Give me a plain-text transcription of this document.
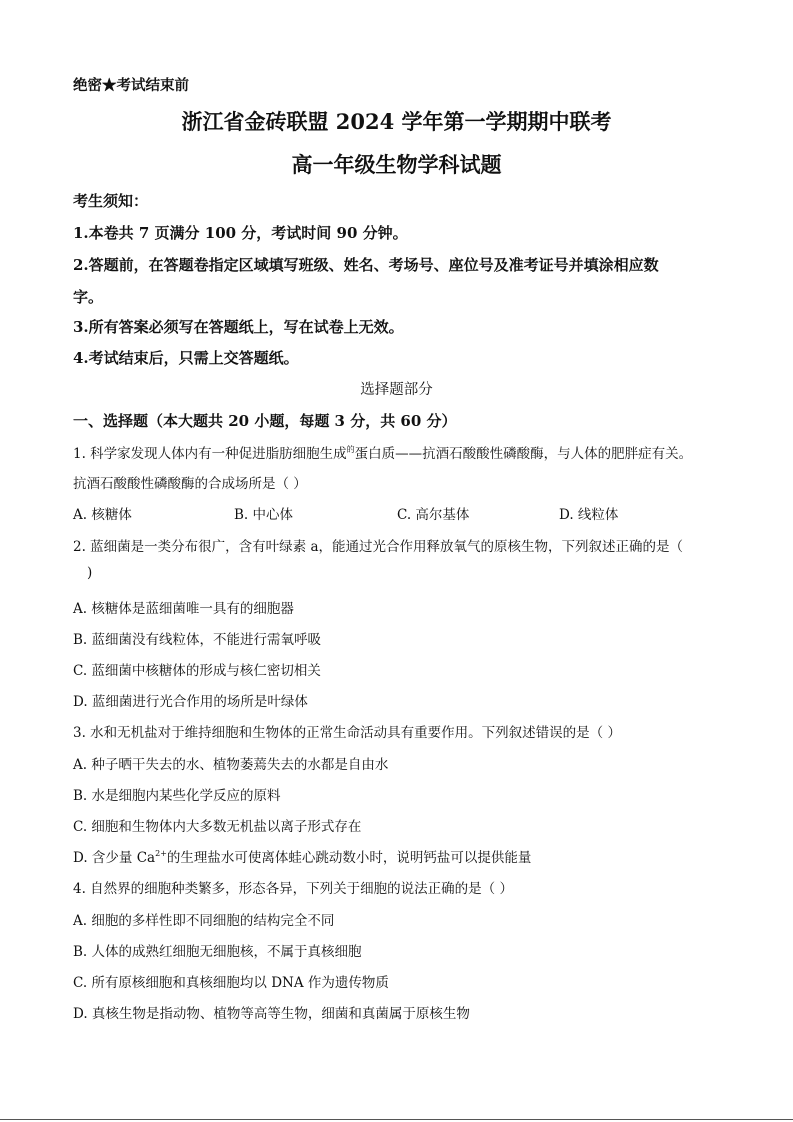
绝密★考试结束前
浙江省金砖联盟 2024 学年第一学期期中联考
高一年级生物学科试题
考生须知：
1.本卷共 7 页满分 100 分，考试时间 90 分钟。
2.答题前，在答题卷指定区域填写班级、姓名、考场号、座位号及准考证号并填涂相应数
字。
3.所有答案必须写在答题纸上，写在试卷上无效。
4.考试结束后，只需上交答题纸。
选择题部分
一、选择题（本大题共 20 小题，每题 3 分，共 60 分）
1. 科学家发现人体内有一种促进脂肪细胞生成$^的$蛋白质——抗酒石酸酸性磷酸酶，与人体的肥胖症有关。
抗酒石酸酸性磷酸酶的合成场所是（ ）
A. 核糖体	B. 中心体	C. 高尔基体	D. 线粒体
2. 蓝细菌是一类分布很广，含有叶绿素 a，能通过光合作用释放氧气的原核生物，下列叙述正确的是（
)
A. 核糖体是蓝细菌唯一具有的细胞器
B. 蓝细菌没有线粒体，不能进行需氧呼吸
C. 蓝细菌中核糖体的形成与核仁密切相关
D. 蓝细菌进行光合作用的场所是叶绿体
3. 水和无机盐对于维持细胞和生物体的正常生命活动具有重要作用。下列叙述错误的是（ ）
A. 种子晒干失去的水、植物萎蔫失去的水都是自由水
B. 水是细胞内某些化学反应的原料
C. 细胞和生物体内大多数无机盐以离子形式存在
D. 含少量 $Ca^{2+}$的生理盐水可使离体蛙心跳动数小时，说明钙盐可以提供能量
4. 自然界的细胞种类繁多，形态各异，下列关于细胞的说法正确的是（ ）
A. 细胞的多样性即不同细胞的结构完全不同
B. 人体的成熟红细胞无细胞核，不属于真核细胞
C. 所有原核细胞和真核细胞均以 DNA 作为遗传物质
D. 真核生物是指动物、植物等高等生物，细菌和真菌属于原核生物
